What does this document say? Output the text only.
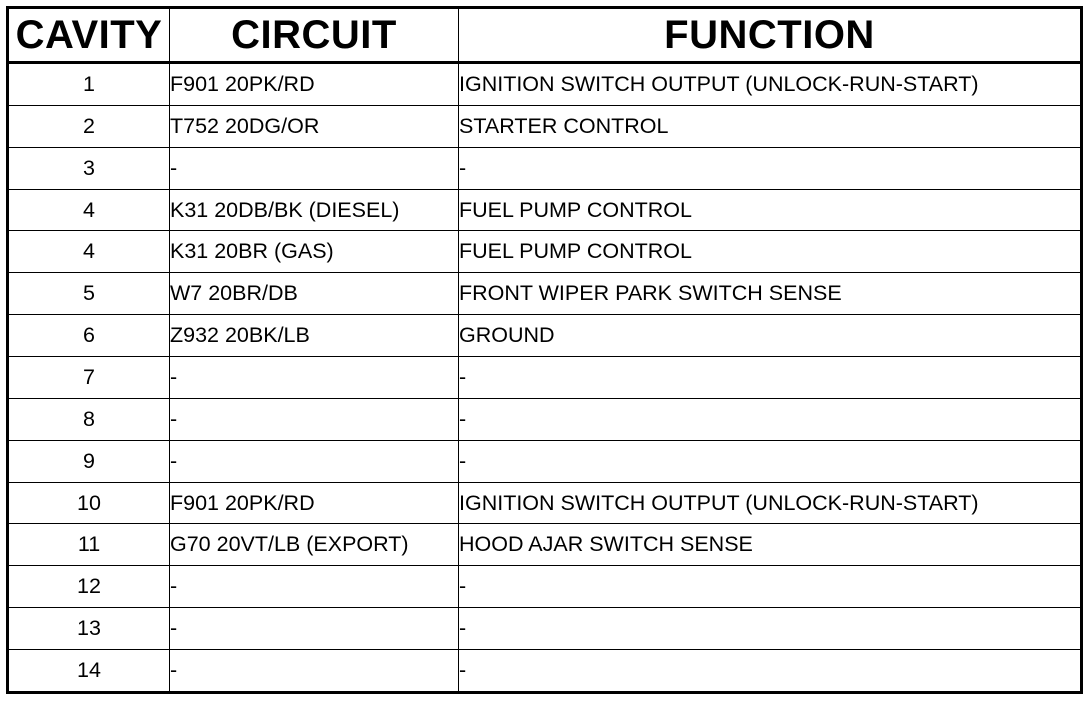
CAVITY	CIRCUIT	FUNCTION
1	F901 20PK/RD	IGNITION SWITCH OUTPUT (UNLOCK-RUN-START)
2	T752 20DG/OR	STARTER CONTROL
3	-	-
4	K31 20DB/BK (DIESEL)	FUEL PUMP CONTROL
4	K31 20BR (GAS)	FUEL PUMP CONTROL
5	W7 20BR/DB	FRONT WIPER PARK SWITCH SENSE
6	Z932 20BK/LB	GROUND
7	-	-
8	-	-
9	-	-
10	F901 20PK/RD	IGNITION SWITCH OUTPUT (UNLOCK-RUN-START)
11	G70 20VT/LB (EXPORT)	HOOD AJAR SWITCH SENSE
12	-	-
13	-	-
14	-	-
